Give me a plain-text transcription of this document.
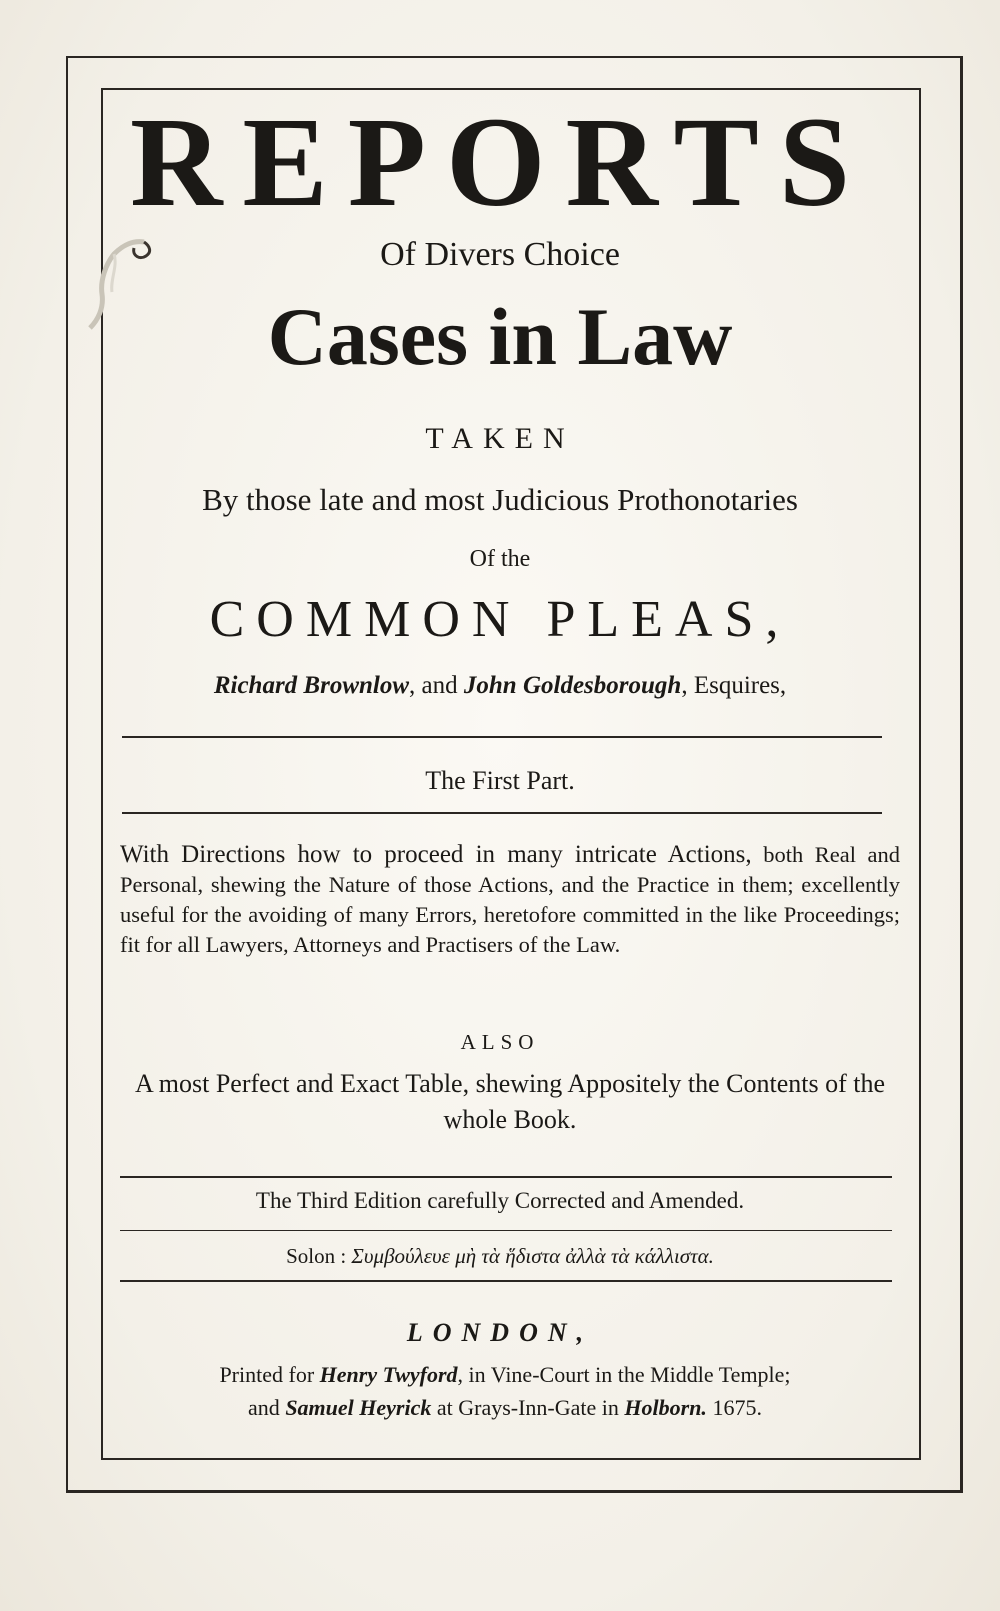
REPORTS
Of Divers Choice
Cases in Law
TAKEN
By those late and most Judicious Prothonotaries
Of the
COMMON PLEAS,
Richard Brownlow, and John Goldesborough, Esquires,
The First Part.
With Directions how to proceed in many intricate Actions, both Real and Personal, shewing the Nature of those Actions, and the Practice in them; excellently useful for the avoiding of many Errors, heretofore committed in the like Proceedings; fit for all Lawyers, Attorneys and Practisers of the Law.
ALSO
A most Perfect and Exact Table, shewing Appositely the Contents of the whole Book.
The Third Edition carefully Corrected and Amended.
Solon : Συμβούλευε μὴ τὰ ἥδιστα ἀλλὰ τὰ κάλλιστα.
LONDON,
Printed for Henry Twyford, in Vine-Court in the Middle Temple;
and Samuel Heyrick at Grays-Inn-Gate in Holborn. 1675.
